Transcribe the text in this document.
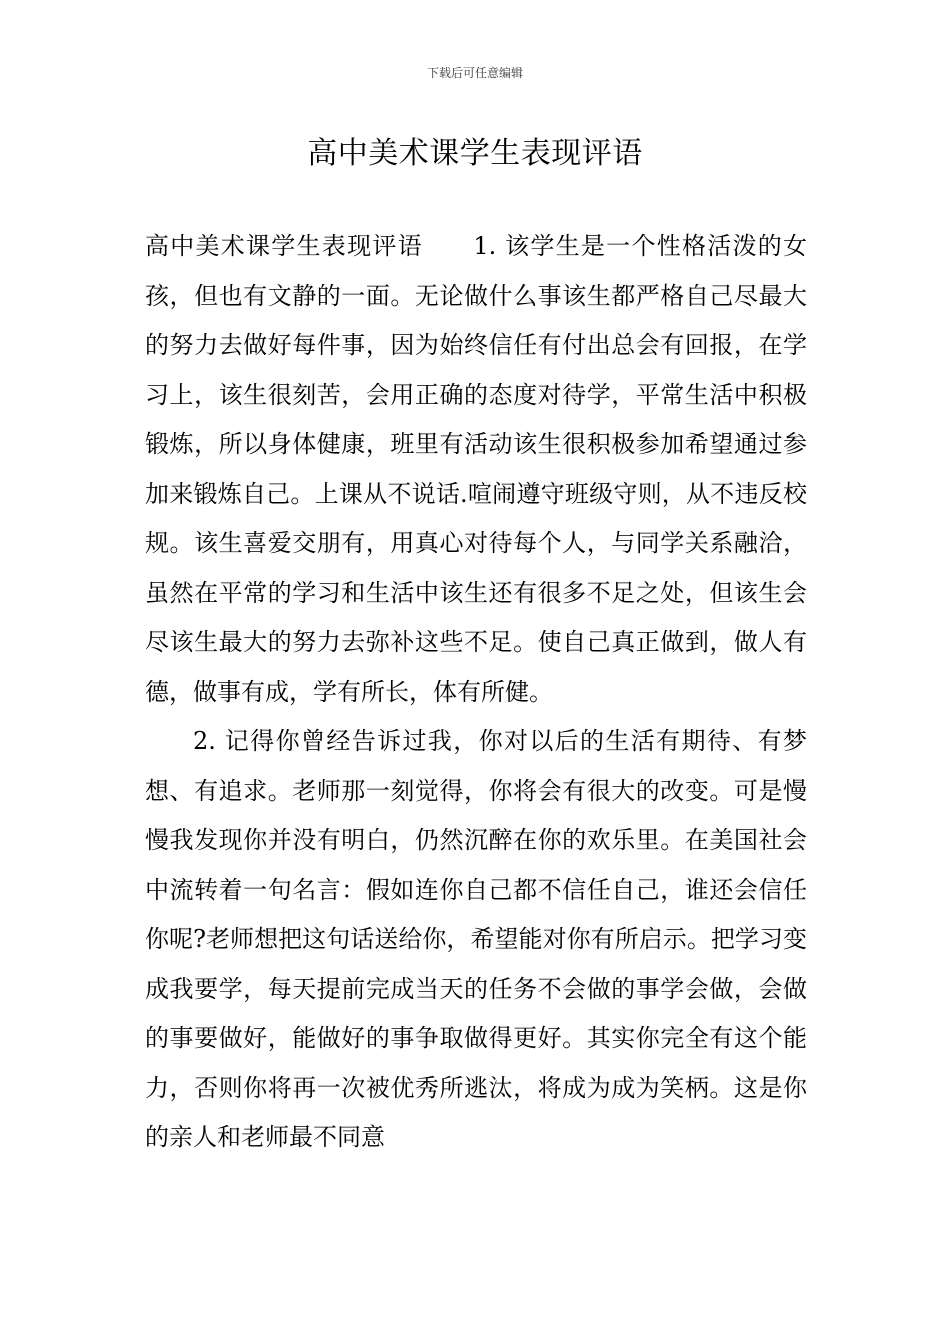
下载后可任意编辑
高中美术课学生表现评语

高中美术课学生表现评语　　1. 该学生是一个性格活泼的女孩，但也有文静的一面。无论做什么事该生都严格自己尽最大的努力去做好每件事，因为始终信任有付出总会有回报，在学习上，该生很刻苦，会用正确的态度对待学，平常生活中积极锻炼，所以身体健康，班里有活动该生很积极参加希望通过参加来锻炼自己。上课从不说话.喧闹遵守班级守则，从不违反校规。该生喜爱交朋有，用真心对待每个人，与同学关系融洽，虽然在平常的学习和生活中该生还有很多不足之处，但该生会尽该生最大的努力去弥补这些不足。使自己真正做到，做人有德，做事有成，学有所长，体有所健。

2. 记得你曾经告诉过我，你对以后的生活有期待、有梦想、有追求。老师那一刻觉得，你将会有很大的改变。可是慢慢我发现你并没有明白，仍然沉醉在你的欢乐里。在美国社会中流转着一句名言：假如连你自己都不信任自己，谁还会信任你呢?老师想把这句话送给你，希望能对你有所启示。把学习变成我要学，每天提前完成当天的任务不会做的事学会做，会做的事要做好，能做好的事争取做得更好。其实你完全有这个能力，否则你将再一次被优秀所逃汰，将成为成为笑柄。这是你的亲人和老师最不同意
